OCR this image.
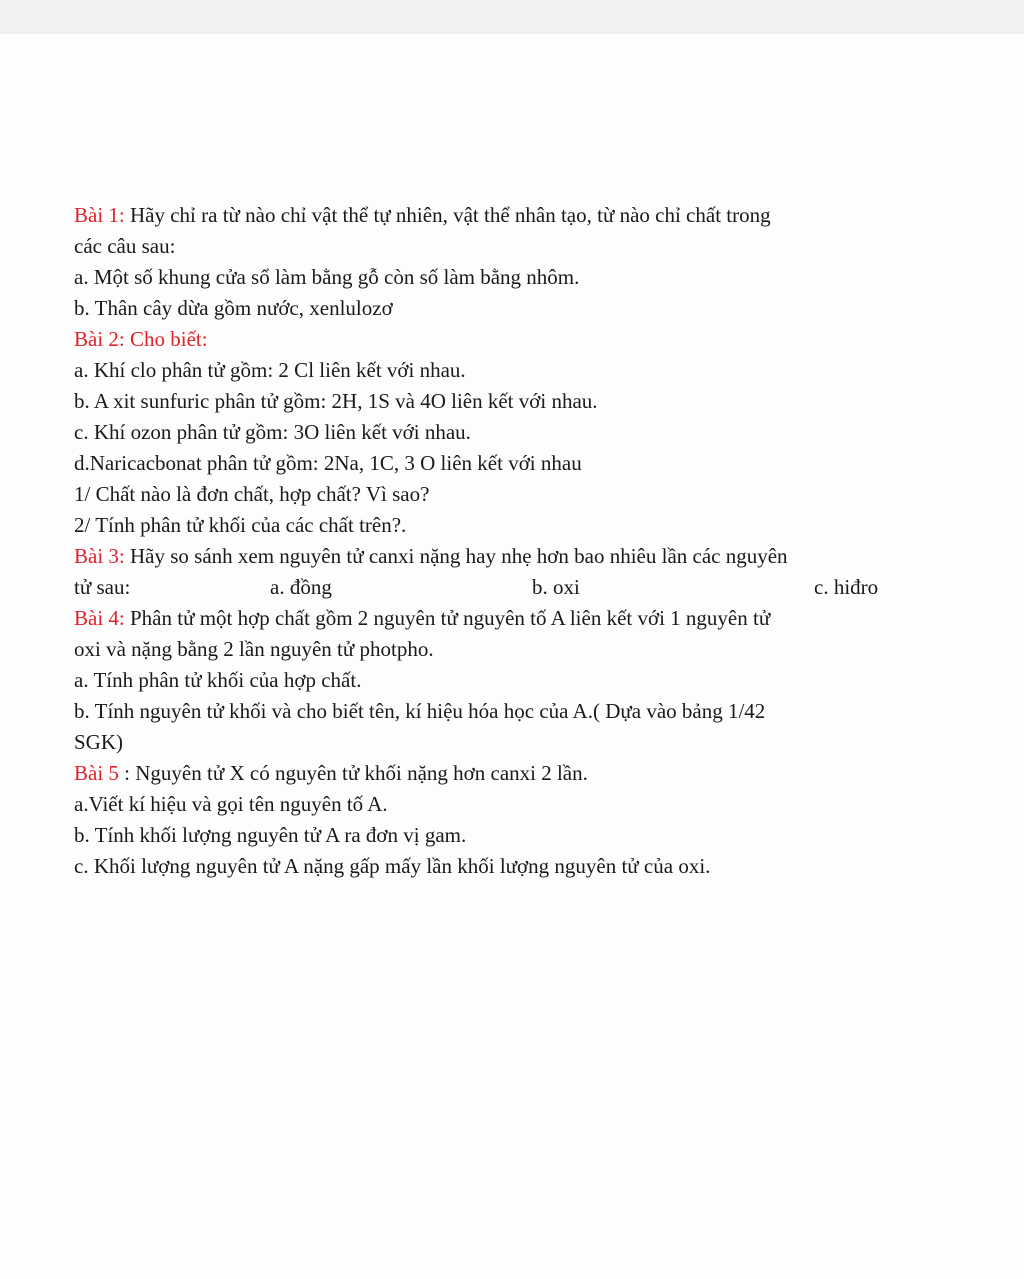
Bài 1: Hãy chỉ ra từ nào chỉ vật thể tự nhiên, vật thể nhân tạo, từ nào chỉ chất trong
các câu sau:
a. Một số khung cửa sổ làm bằng gỗ còn số làm bằng nhôm.
b. Thân cây dừa gồm nước, xenlulozơ
Bài 2: Cho biết:
a. Khí clo phân tử gồm: 2 Cl liên kết với nhau.
b. A xit sunfuric phân tử gồm: 2H, 1S và 4O liên kết với nhau.
c. Khí ozon phân tử gồm: 3O liên kết với nhau.
d.Naricacbonat phân tử gồm: 2Na, 1C, 3 O liên kết với nhau
1/ Chất nào là đơn chất, hợp chất? Vì sao?
2/ Tính phân tử khối của các chất trên?.
Bài 3: Hãy so sánh xem nguyên tử canxi nặng hay nhẹ hơn bao nhiêu lần các nguyên
tử sau:	a. đồng	b. oxi	c. hiđro
Bài 4: Phân tử một hợp chất gồm 2 nguyên tử nguyên tố A liên kết với 1 nguyên tử
oxi và nặng bằng 2 lần nguyên tử photpho.
a. Tính phân tử khối của hợp chất.
b. Tính nguyên tử khối và cho biết tên, kí hiệu hóa học của A.( Dựa vào bảng 1/42
SGK)
Bài 5 : Nguyên tử X có nguyên tử khối nặng hơn canxi 2 lần.
a.Viết kí hiệu và gọi tên nguyên tố A.
b. Tính khối lượng nguyên tử A ra đơn vị gam.
c. Khối lượng nguyên tử A nặng gấp mấy lần khối lượng nguyên tử của oxi.
